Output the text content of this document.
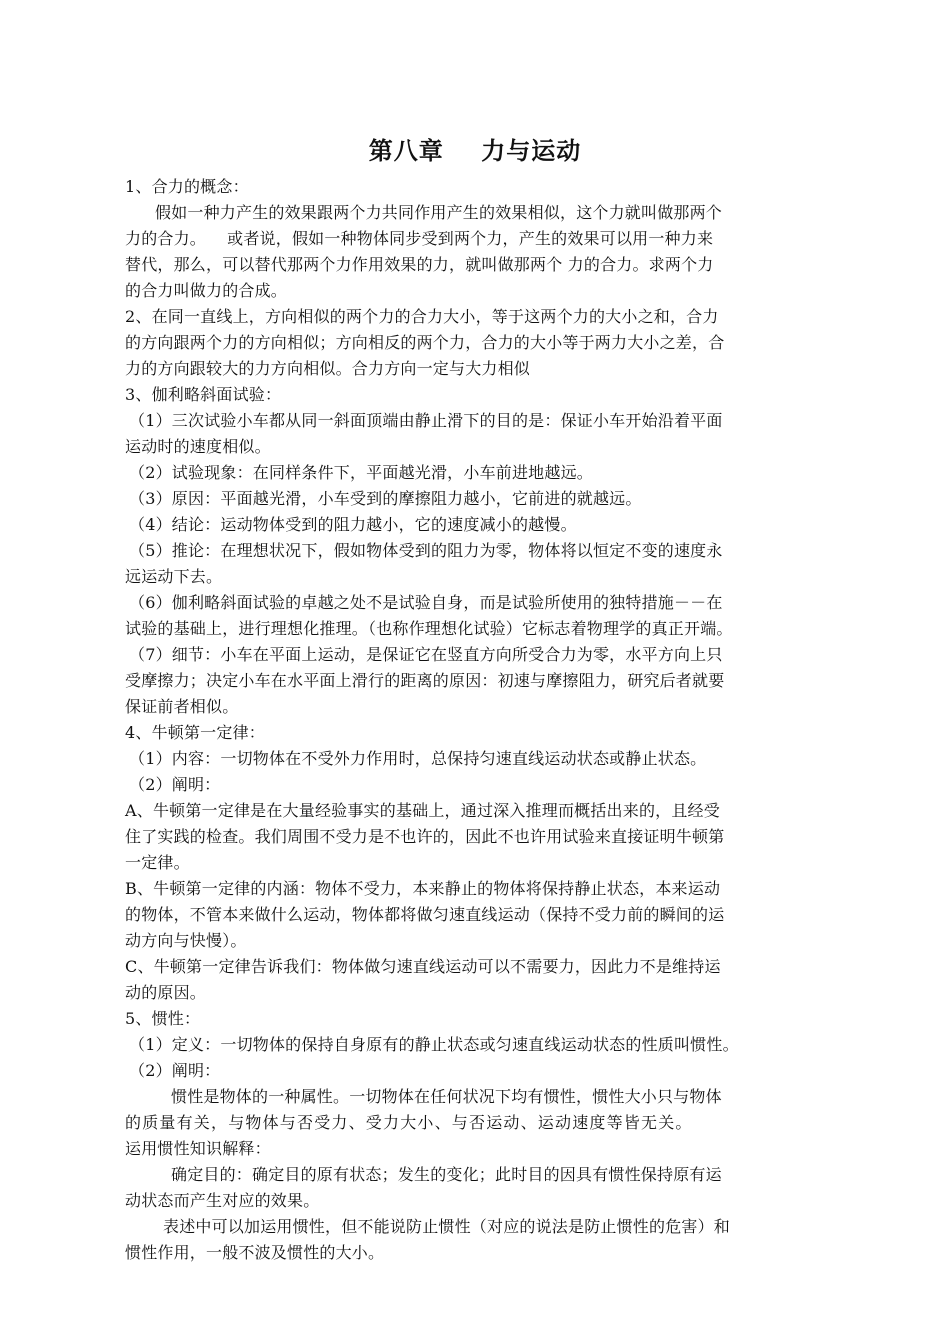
第八章    力与运动
1、合力的概念：
假如一种力产生的效果跟两个力共同作用产生的效果相似，这个力就叫做那两个
力的合力。    或者说，假如一种物体同步受到两个力，产生的效果可以用一种力来
替代，那么，可以替代那两个力作用效果的力，就叫做那两个 力的合力。求两个力
的合力叫做力的合成。
2、在同一直线上，方向相似的两个力的合力大小，等于这两个力的大小之和，合力
的方向跟两个力的方向相似；方向相反的两个力，合力的大小等于两力大小之差，合
力的方向跟较大的力方向相似。合力方向一定与大力相似
3、伽利略斜面试验：
（1）三次试验小车都从同一斜面顶端由静止滑下的目的是：保证小车开始沿着平面
运动时的速度相似。
（2）试验现象：在同样条件下，平面越光滑，小车前进地越远。
（3）原因：平面越光滑，小车受到的摩擦阻力越小，它前进的就越远。
（4）结论：运动物体受到的阻力越小，它的速度减小的越慢。
（5）推论：在理想状况下，假如物体受到的阻力为零，物体将以恒定不变的速度永
远运动下去。
（6）伽利略斜面试验的卓越之处不是试验自身，而是试验所使用的独特措施－－在
试验的基础上，进行理想化推理。（也称作理想化试验）它标志着物理学的真正开端。
（7）细节：小车在平面上运动，是保证它在竖直方向所受合力为零，水平方向上只
受摩擦力；决定小车在水平面上滑行的距离的原因：初速与摩擦阻力，研究后者就要
保证前者相似。
4、牛顿第一定律：
（1）内容：一切物体在不受外力作用时，总保持匀速直线运动状态或静止状态。
（2）阐明：
A、牛顿第一定律是在大量经验事实的基础上，通过深入推理而概括出来的，且经受
住了实践的检查。我们周围不受力是不也许的，因此不也许用试验来直接证明牛顿第
一定律。
B、牛顿第一定律的内涵：物体不受力，本来静止的物体将保持静止状态，本来运动
的物体，不管本来做什么运动，物体都将做匀速直线运动（保持不受力前的瞬间的运
动方向与快慢）。
C、牛顿第一定律告诉我们：物体做匀速直线运动可以不需要力，因此力不是维持运
动的原因。
5、惯性：
（1）定义：一切物体的保持自身原有的静止状态或匀速直线运动状态的性质叫惯性。
（2）阐明：
惯性是物体的一种属性。一切物体在任何状况下均有惯性，惯性大小只与物体
的质量有关，与物体与否受力、受力大小、与否运动、运动速度等皆无关。
运用惯性知识解释：
确定目的：确定目的原有状态；发生的变化；此时目的因具有惯性保持原有运
动状态而产生对应的效果。
表述中可以加运用惯性，但不能说防止惯性（对应的说法是防止惯性的危害）和
惯性作用，一般不波及惯性的大小。
